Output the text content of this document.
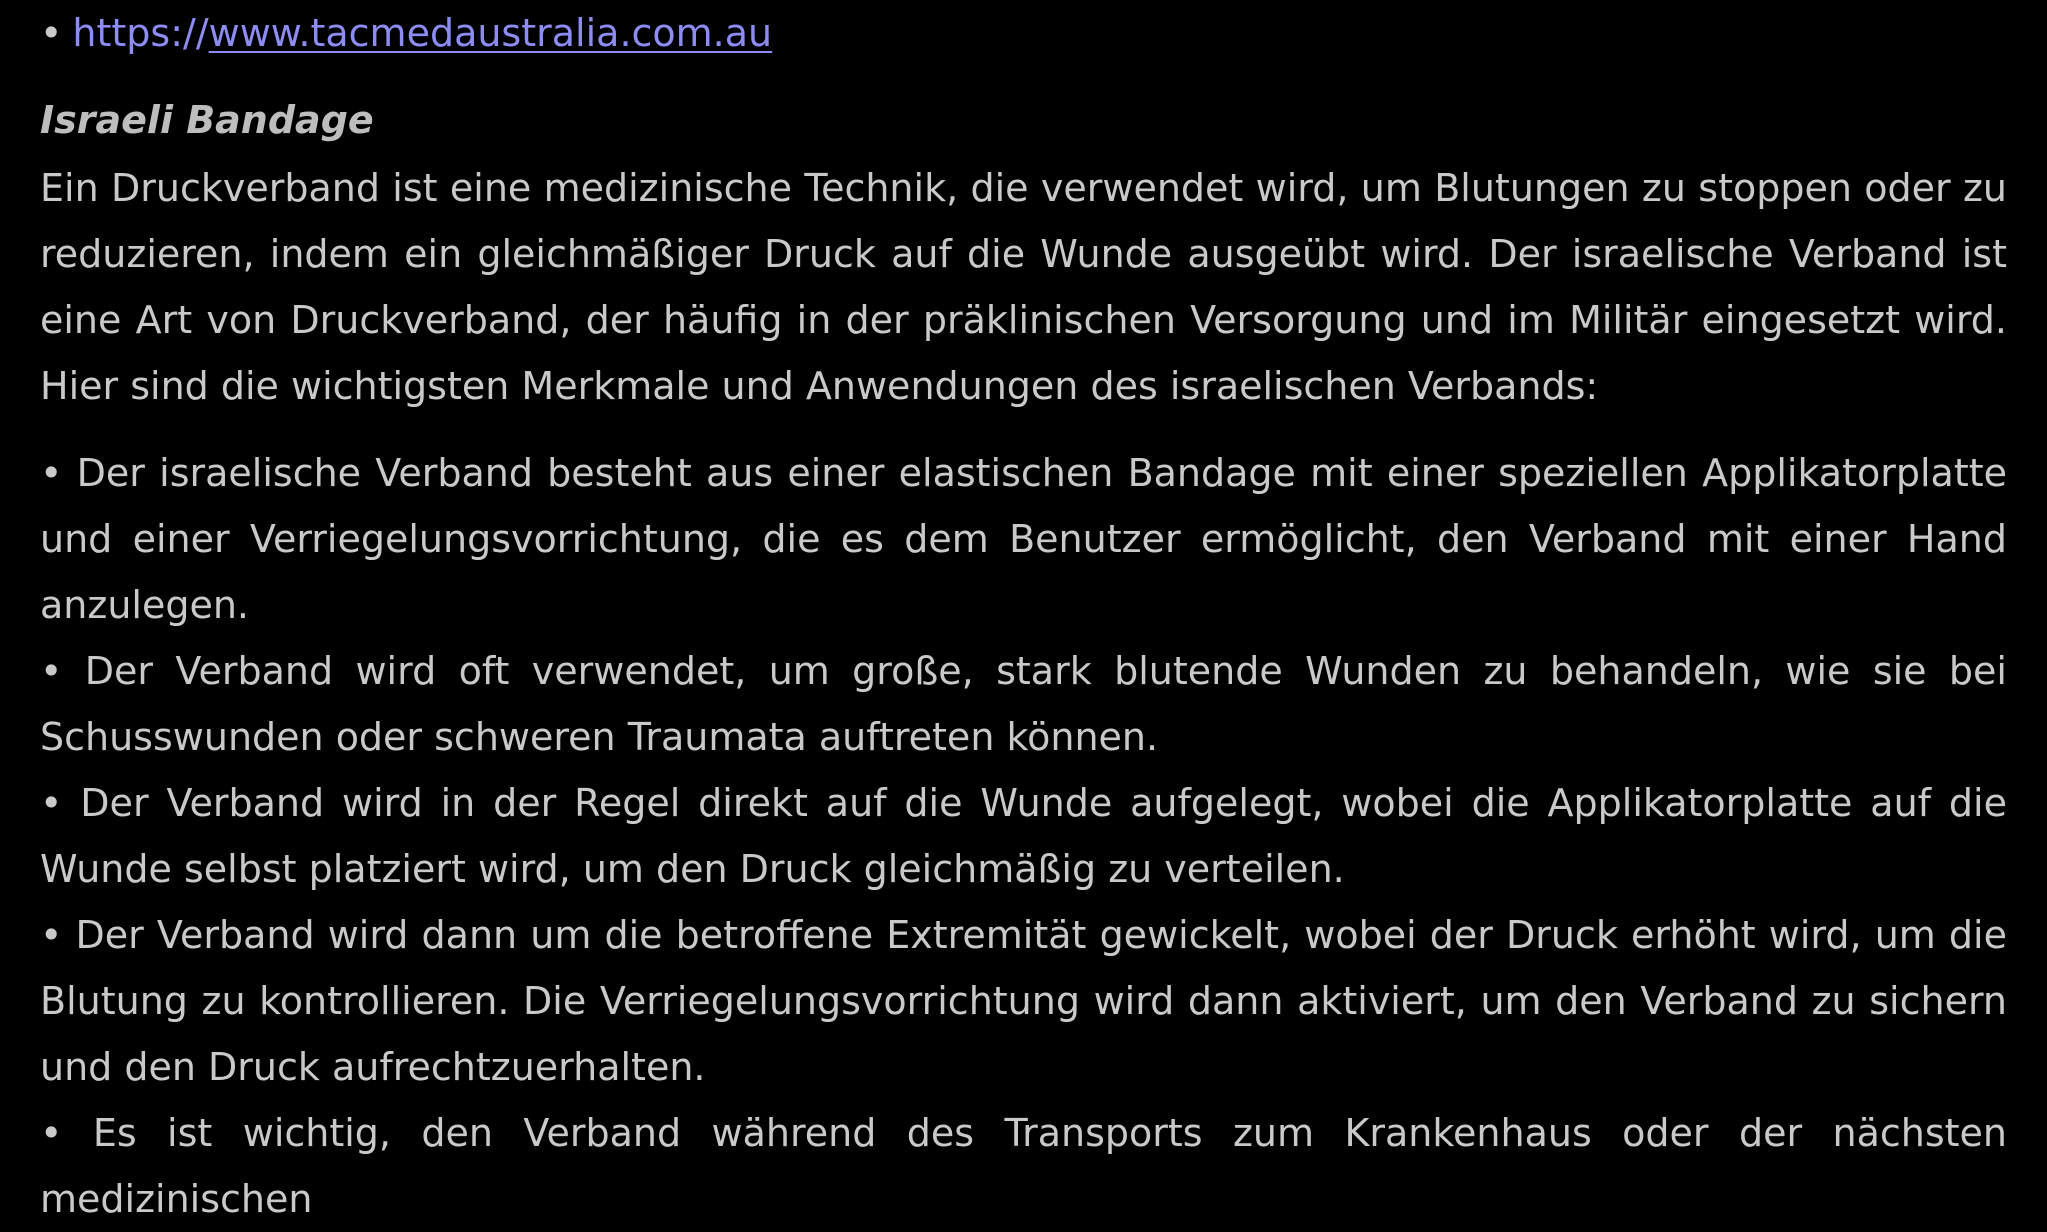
• https://www.tacmedaustralia.com.au
Israeli Bandage

Ein Druckverband ist eine medizinische Technik, die verwendet wird, um Blutungen zu stoppen oder zu reduzieren, indem ein gleichmäßiger Druck auf die Wunde ausgeübt wird. Der israelische Verband ist eine Art von Druckverband, der häufig in der präklinischen Versorgung und im Militär eingesetzt wird. Hier sind die wichtigsten Merkmale und Anwendungen des israelischen Verbands:

• Der israelische Verband besteht aus einer elastischen Bandage mit einer speziellen Applikatorplatte und einer Verriegelungsvorrichtung, die es dem Benutzer ermöglicht, den Verband mit einer Hand anzulegen.
• Der Verband wird oft verwendet, um große, stark blutende Wunden zu behandeln, wie sie bei Schusswunden oder schweren Traumata auftreten können.
• Der Verband wird in der Regel direkt auf die Wunde aufgelegt, wobei die Applikatorplatte auf die Wunde selbst platziert wird, um den Druck gleichmäßig zu verteilen.
• Der Verband wird dann um die betroffene Extremität gewickelt, wobei der Druck erhöht wird, um die Blutung zu kontrollieren. Die Verriegelungsvorrichtung wird dann aktiviert, um den Verband zu sichern und den Druck aufrechtzuerhalten.
• Es ist wichtig, den Verband während des Transports zum Krankenhaus oder der nächsten medizinischen
